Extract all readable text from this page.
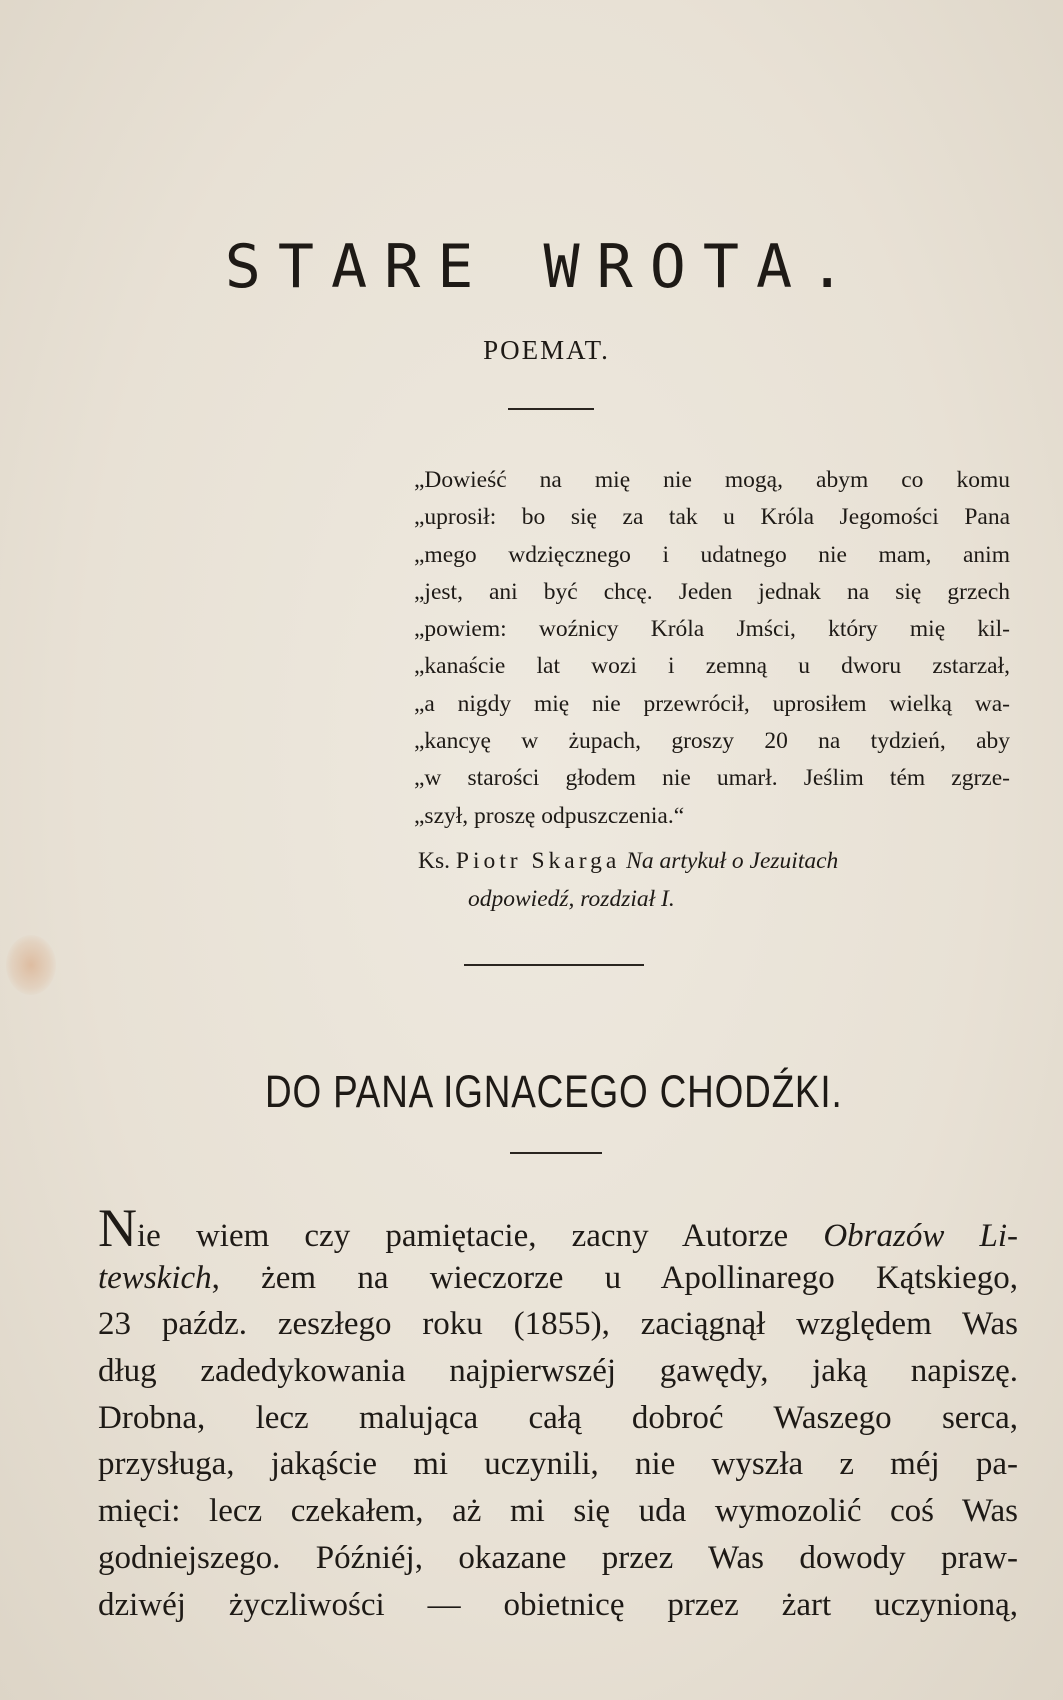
STARE WROTA.
POEMAT.
„Dowieść na mię nie mogą, abym co komu
„uprosił: bo się za tak u Króla Jegomości Pana
„mego wdzięcznego i udatnego nie mam, anim
„jest, ani być chcę. Jeden jednak na się grzech
„powiem: woźnicy Króla Jmści, który mię kil-
„kanaście lat wozi i zemną u dworu zstarzał,
„a nigdy mię nie przewrócił, uprosiłem wielką wa-
„kancyę w żupach, groszy 20 na tydzień, aby
„w starości głodem nie umarł. Jeślim tém zgrze-
„szył, proszę odpuszczenia.“
Ks. Piotr Skarga Na artykuł o Jezuitach
odpowiedź, rozdział I.
DO PANA IGNACEGO CHODŹKI.
Nie wiem czy pamiętacie, zacny Autorze Obrazów Li-
tewskich, żem na wieczorze u Apollinarego Kątskiego,
23 paźdz. zeszłego roku (1855), zaciągnął względem Was
dług zadedykowania najpierwszéj gawędy, jaką napiszę.
Drobna, lecz malująca całą dobroć Waszego serca,
przysługa, jakąście mi uczynili, nie wyszła z méj pa-
mięci: lecz czekałem, aż mi się uda wymozolić coś Was
godniejszego. Późniéj, okazane przez Was dowody praw-
dziwéj życzliwości — obietnicę przez żart uczynioną,
